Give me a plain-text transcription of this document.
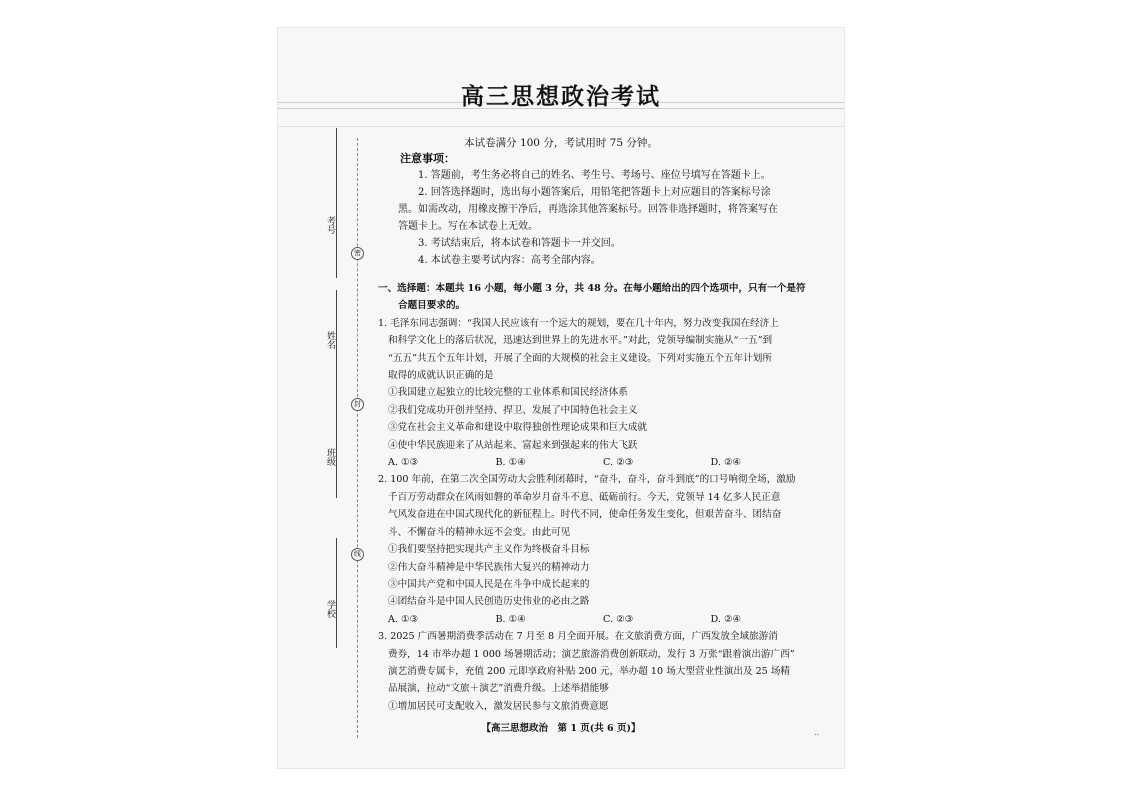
考号
姓名
班级
学校
密
封
线
高三思想政治考试
本试卷满分 100 分，考试用时 75 分钟。
注意事项：
1. 答题前，考生务必将自己的姓名、考生号、考场号、座位号填写在答题卡上。
2. 回答选择题时，选出每小题答案后，用铅笔把答题卡上对应题目的答案标号涂
黑。如需改动，用橡皮擦干净后，再选涂其他答案标号。回答非选择题时，将答案写在
答题卡上。写在本试卷上无效。
3. 考试结束后，将本试卷和答题卡一并交回。
4. 本试卷主要考试内容：高考全部内容。

一、选择题：本题共 16 小题，每小题 3 分，共 48 分。在每小题给出的四个选项中，只有一个是符

合题目要求的。

1. 毛泽东同志强调：“我国人民应该有一个远大的规划，要在几十年内，努力改变我国在经济上

和科学文化上的落后状况，迅速达到世界上的先进水平。”对此，党领导编制实施从“一五”到

“五五”共五个五年计划，开展了全面的大规模的社会主义建设。下列对实施五个五年计划所

取得的成就认识正确的是

①我国建立起独立的比较完整的工业体系和国民经济体系

②我们党成功开创并坚持、捍卫、发展了中国特色社会主义

③党在社会主义革命和建设中取得独创性理论成果和巨大成就

④使中华民族迎来了从站起来、富起来到强起来的伟大飞跃

A. ①③	B. ①④	C. ②③	D. ②④

2. 100 年前，在第二次全国劳动大会胜利闭幕时，“奋斗，奋斗，奋斗到底”的口号响彻全场，激励

千百万劳动群众在风雨如磐的革命岁月奋斗不息、砥砺前行。今天，党领导 14 亿多人民正意

气风发奋进在中国式现代化的新征程上。时代不同，使命任务发生变化，但艰苦奋斗、团结奋

斗、不懈奋斗的精神永远不会变。由此可见

①我们要坚持把实现共产主义作为终极奋斗目标

②伟大奋斗精神是中华民族伟大复兴的精神动力

③中国共产党和中国人民是在斗争中成长起来的

④团结奋斗是中国人民创造历史伟业的必由之路

A. ①③	B. ①④	C. ②③	D. ②④

3. 2025 广西暑期消费季活动在 7 月至 8 月全面开展。在文旅消费方面，广西发放全域旅游消

费券，14 市举办超 1 000 场暑期活动；演艺旅游消费创新联动，发行 3 万张“跟着演出游广西”

演艺消费专属卡，充值 200 元即享政府补贴 200 元，举办超 10 场大型营业性演出及 25 场精

品展演，拉动“文旅＋演艺”消费升级。上述举措能够

①增加居民可支配收入，激发居民参与文旅消费意愿

【高三思想政治　第 1 页(共 6 页)】	..
